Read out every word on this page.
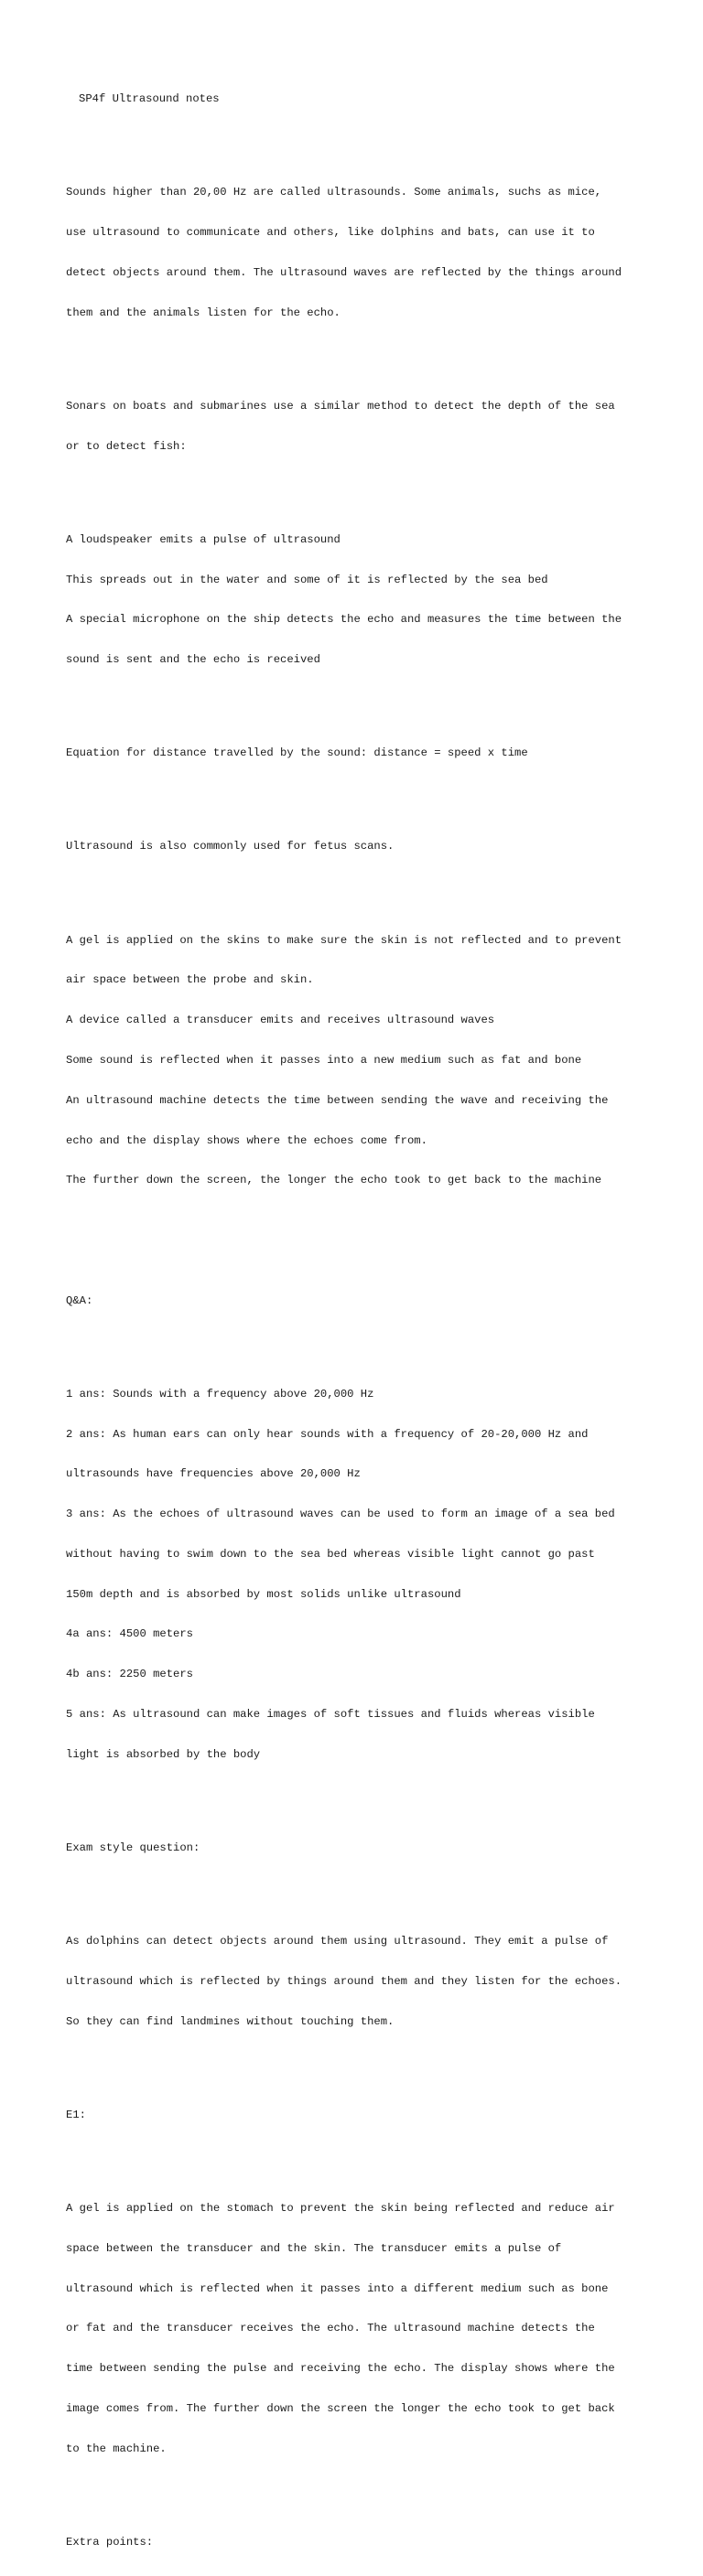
SP4f Ultrasound notes

Sounds higher than 20,00 Hz are called ultrasounds. Some animals, suchs as mice,

use ultrasound to communicate and others, like dolphins and bats, can use it to

detect objects around them. The ultrasound waves are reflected by the things around

them and the animals listen for the echo.

Sonars on boats and submarines use a similar method to detect the depth of the sea

or to detect fish:

A loudspeaker emits a pulse of ultrasound

This spreads out in the water and some of it is reflected by the sea bed

A special microphone on the ship detects the echo and measures the time between the

sound is sent and the echo is received

Equation for distance travelled by the sound: distance = speed x time

Ultrasound is also commonly used for fetus scans.

A gel is applied on the skins to make sure the skin is not reflected and to prevent

air space between the probe and skin.

A device called a transducer emits and receives ultrasound waves

Some sound is reflected when it passes into a new medium such as fat and bone

An ultrasound machine detects the time between sending the wave and receiving the

echo and the display shows where the echoes come from.

The further down the screen, the longer the echo took to get back to the machine

Q&A:

1 ans: Sounds with a frequency above 20,000 Hz

2 ans: As human ears can only hear sounds with a frequency of 20-20,000 Hz and

ultrasounds have frequencies above 20,000 Hz

3 ans: As the echoes of ultrasound waves can be used to form an image of a sea bed

without having to swim down to the sea bed whereas visible light cannot go past

150m depth and is absorbed by most solids unlike ultrasound

4a ans: 4500 meters

4b ans: 2250 meters

5 ans: As ultrasound can make images of soft tissues and fluids whereas visible

light is absorbed by the body

Exam style question:

As dolphins can detect objects around them using ultrasound. They emit a pulse of

ultrasound which is reflected by things around them and they listen for the echoes.

So they can find landmines without touching them.

E1:

A gel is applied on the stomach to prevent the skin being reflected and reduce air

space between the transducer and the skin. The transducer emits a pulse of

ultrasound which is reflected when it passes into a different medium such as bone

or fat and the transducer receives the echo. The ultrasound machine detects the

time between sending the pulse and receiving the echo. The display shows where the

image comes from. The further down the screen the longer the echo took to get back

to the machine.

Extra points:
